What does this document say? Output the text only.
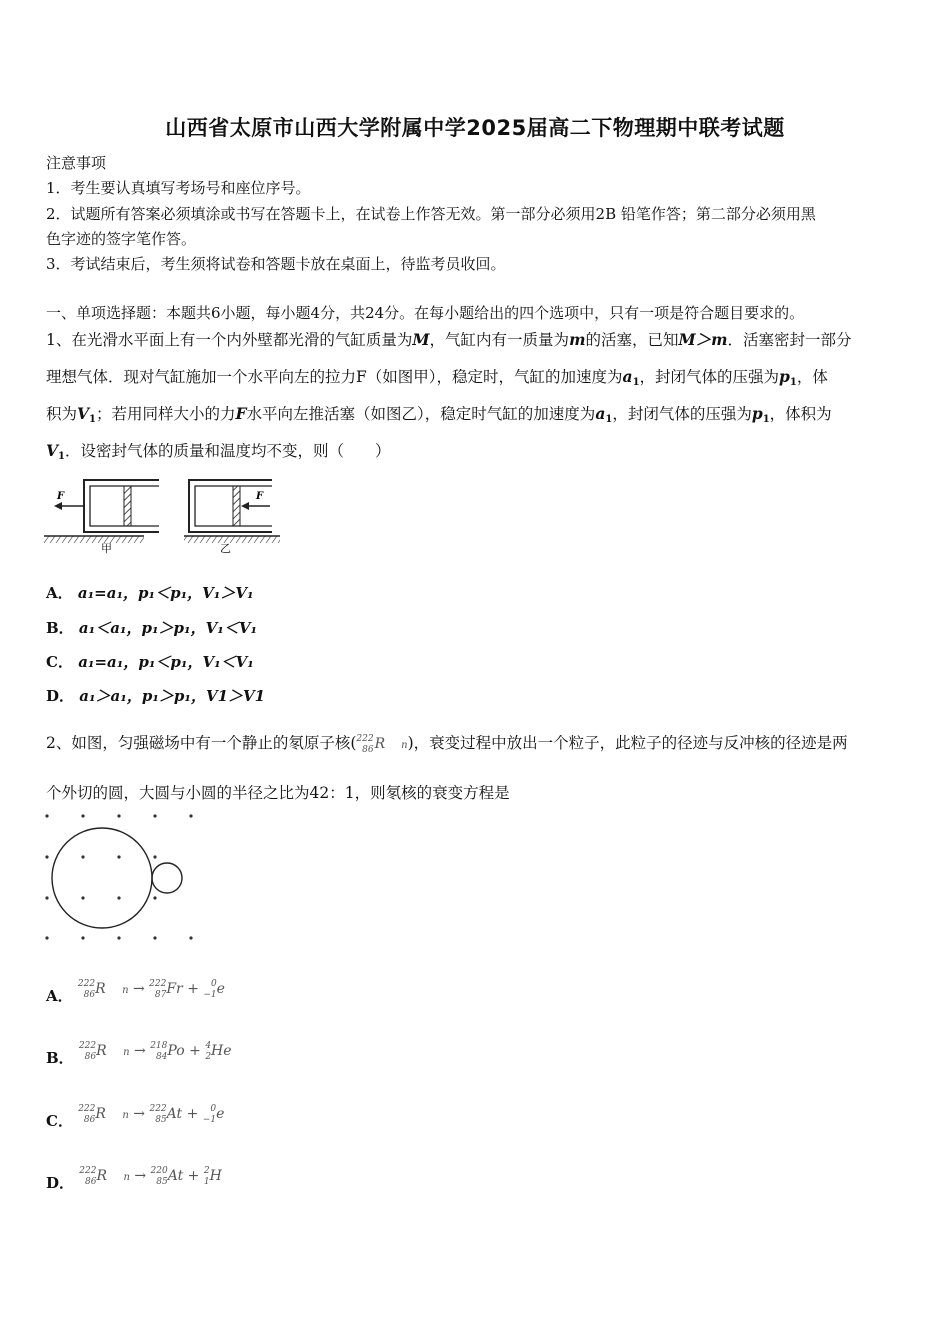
山西省太原市山西大学附属中学2025届高二下物理期中联考试题
注意事项
1．考生要认真填写考场号和座位序号。
2．试题所有答案必须填涂或书写在答题卡上，在试卷上作答无效。第一部分必须用2B 铅笔作答；第二部分必须用黑
色字迹的签字笔作答。
3．考试结束后，考生须将试卷和答题卡放在桌面上，待监考员收回。
一、单项选择题：本题共6小题，每小题4分，共24分。在每小题给出的四个选项中，只有一项是符合题目要求的。
1、在光滑水平面上有一个内外壁都光滑的气缸质量为M，气缸内有一质量为m的活塞，已知M＞m．活塞密封一部分
理想气体．现对气缸施加一个水平向左的拉力F（如图甲），稳定时，气缸的加速度为$a_1$，封闭气体的压强为$p_1$，体
积为$V_1$；若用同样大小的力F水平向左推活塞（如图乙），稳定时气缸的加速度为$a_1$，封闭气体的压强为$p_1$，体积为
$V_1$．设密封气体的质量和温度均不变，则（　　）
F	F
甲	乙
A． a₁=a₁，p₁＜p₁，V₁＞V₁
B． a₁＜a₁，p₁＞p₁，V₁＜V₁
C． a₁=a₁，p₁＜p₁，V₁＜V₁
D． a₁＞a₁，p₁＞p₁，V1＞V1
2、如图，匀强磁场中有一个静止的氡原子核(222
86R n)，衰变过程中放出一个粒子，此粒子的径迹与反冲核的径迹是两
个外切的圆，大圆与小圆的半径之比为42：1，则氡核的衰变方程是
A． 222
86R n → 222
87Fr + 0
−1e
B． 222
86R n → 218
84Po + 4
2He
C． 222
86R n → 222
85At + 0
−1e
D． 222
86R n → 220
85At + 2
1H
